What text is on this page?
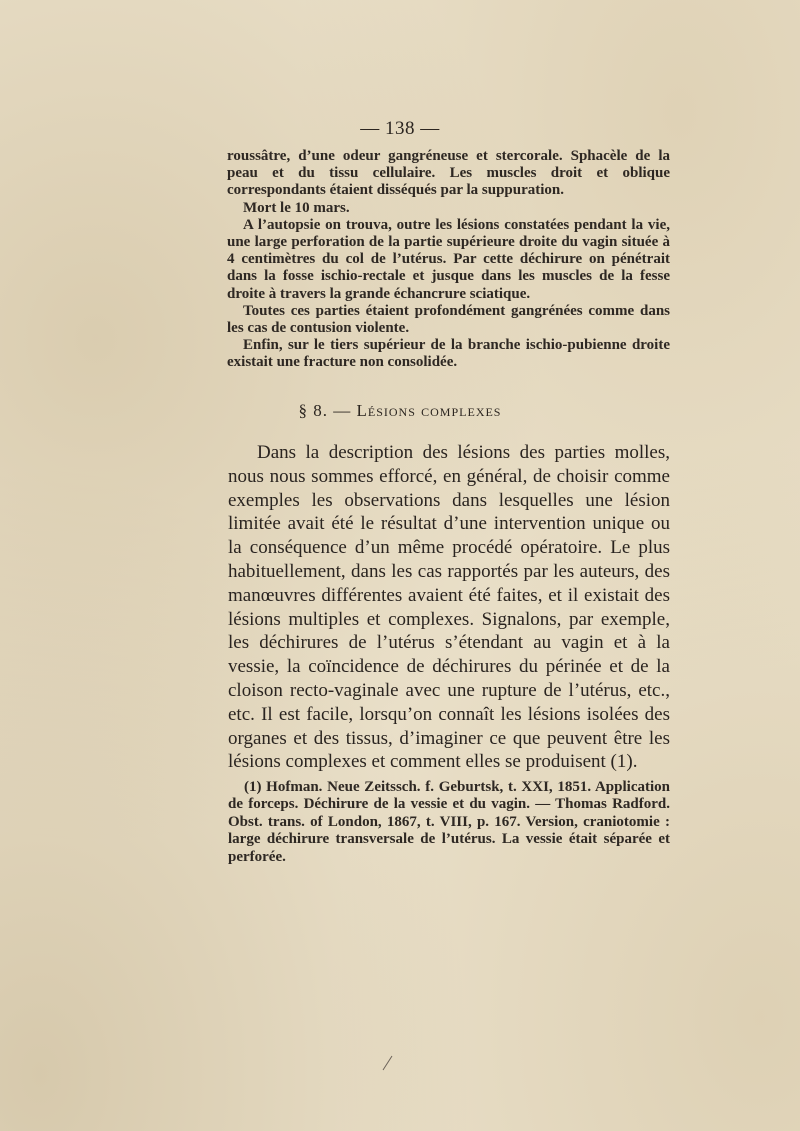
— 138 —

roussâtre, d’une odeur gangréneuse et stercorale. Sphacèle de la peau et du tissu cellulaire. Les muscles droit et oblique correspondants étaient disséqués par la suppuration.

Mort le 10 mars.

A l’autopsie on trouva, outre les lésions constatées pendant la vie, une large perforation de la partie supérieure droite du vagin située à 4 centimètres du col de l’utérus. Par cette déchirure on pénétrait dans la fosse ischio-rectale et jusque dans les muscles de la fesse droite à travers la grande échancrure sciatique.

Toutes ces parties étaient profondément gangrénées comme dans les cas de contusion violente.

Enfin, sur le tiers supérieur de la branche ischio-pubienne droite existait une fracture non consolidée.

§ 8. — Lésions complexes

Dans la description des lésions des parties molles, nous nous sommes efforcé, en général, de choisir comme exemples les observations dans lesquelles une lésion limitée avait été le résultat d’une intervention unique ou la conséquence d’un même procédé opératoire. Le plus habituellement, dans les cas rapportés par les auteurs, des manœuvres différentes avaient été faites, et il existait des lésions multiples et complexes. Signalons, par exemple, les déchirures de l’utérus s’étendant au vagin et à la vessie, la coïncidence de déchirures du périnée et de la cloison recto-vaginale avec une rupture de l’utérus, etc., etc. Il est facile, lorsqu’on connaît les lésions isolées des organes et des tissus, d’imaginer ce que peuvent être les lésions complexes et comment elles se produisent (1).

(1) Hofman. Neue Zeitssch. f. Geburtsk, t. XXI, 1851. Application de forceps. Déchirure de la vessie et du vagin. — Thomas Radford. Obst. trans. of London, 1867, t. VIII, p. 167. Version, craniotomie : large déchirure transversale de l’utérus. La vessie était séparée et perforée.
